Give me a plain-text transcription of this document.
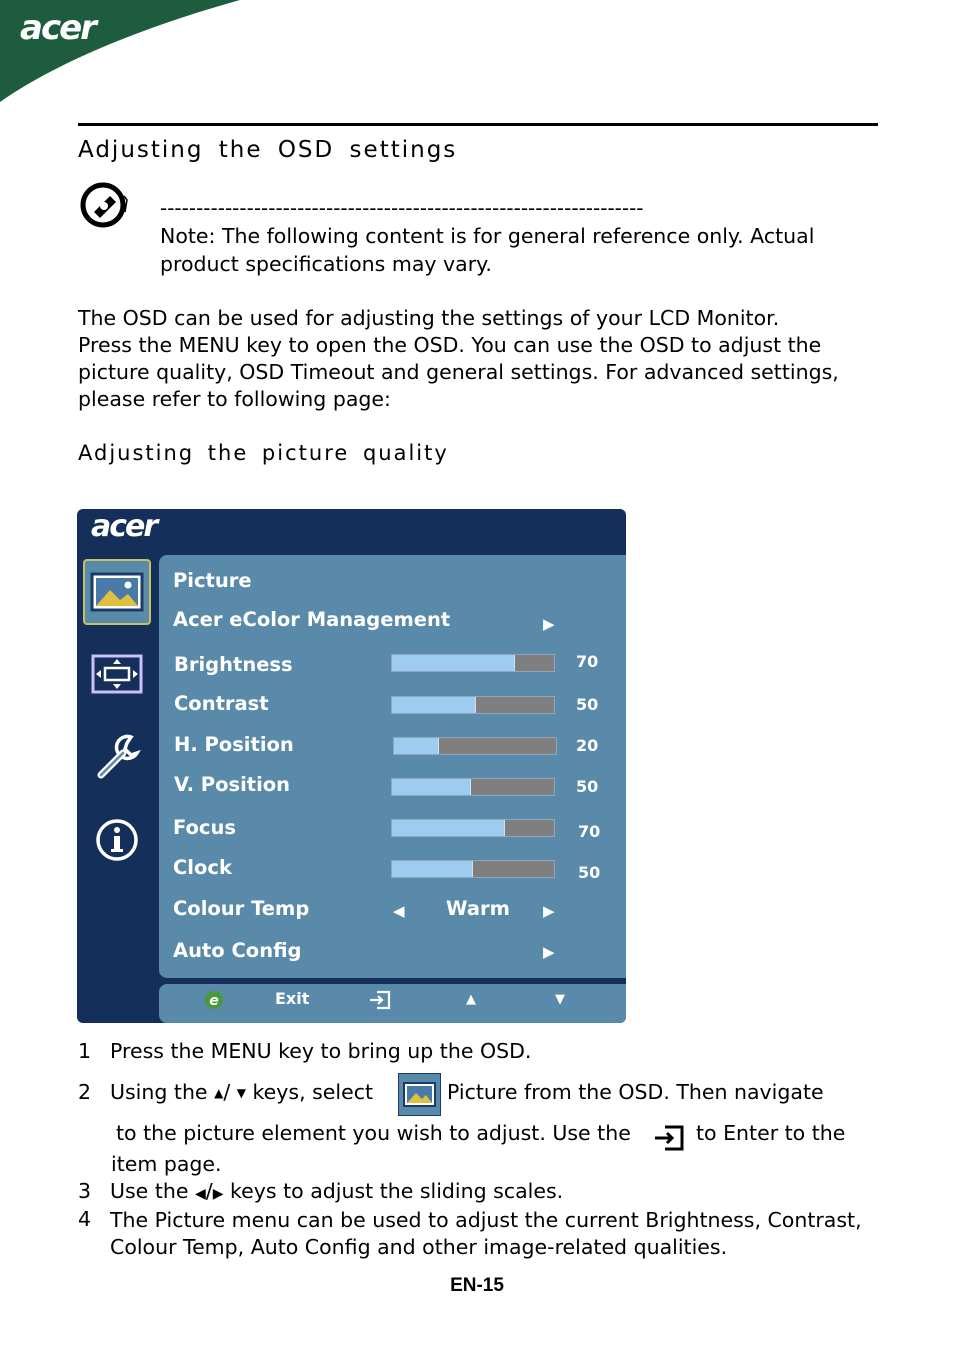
acer
Adjusting the OSD settings
-------------------------------------------------------------------
Note: The following content is for general reference only. Actual
product specifications may vary.
The OSD can be used for adjusting the settings of your LCD Monitor.
Press the MENU key to open the OSD. You can use the OSD to adjust the
picture quality, OSD Timeout and general settings. For advanced settings,
please refer to following page:
Adjusting the picture quality
acer
Picture
Acer eColor Management	▶
Brightness	70
Contrast	50
H. Position	20
V. Position	50
Focus	70
Clock	50
Colour Temp	◀ Warm ▶
Auto Config	▶
e	Exit	▲	▼
1 Press the MENU key to bring up the OSD.
2 Using the ▲/ ▼ keys, select	Picture from the OSD. Then navigate
to the picture element you wish to adjust. Use the	to Enter to the
item page.
3 Use the ◀/▶ keys to adjust the sliding scales.
4 The Picture menu can be used to adjust the current Brightness, Contrast,
Colour Temp, Auto Config and other image-related qualities.
EN-15
